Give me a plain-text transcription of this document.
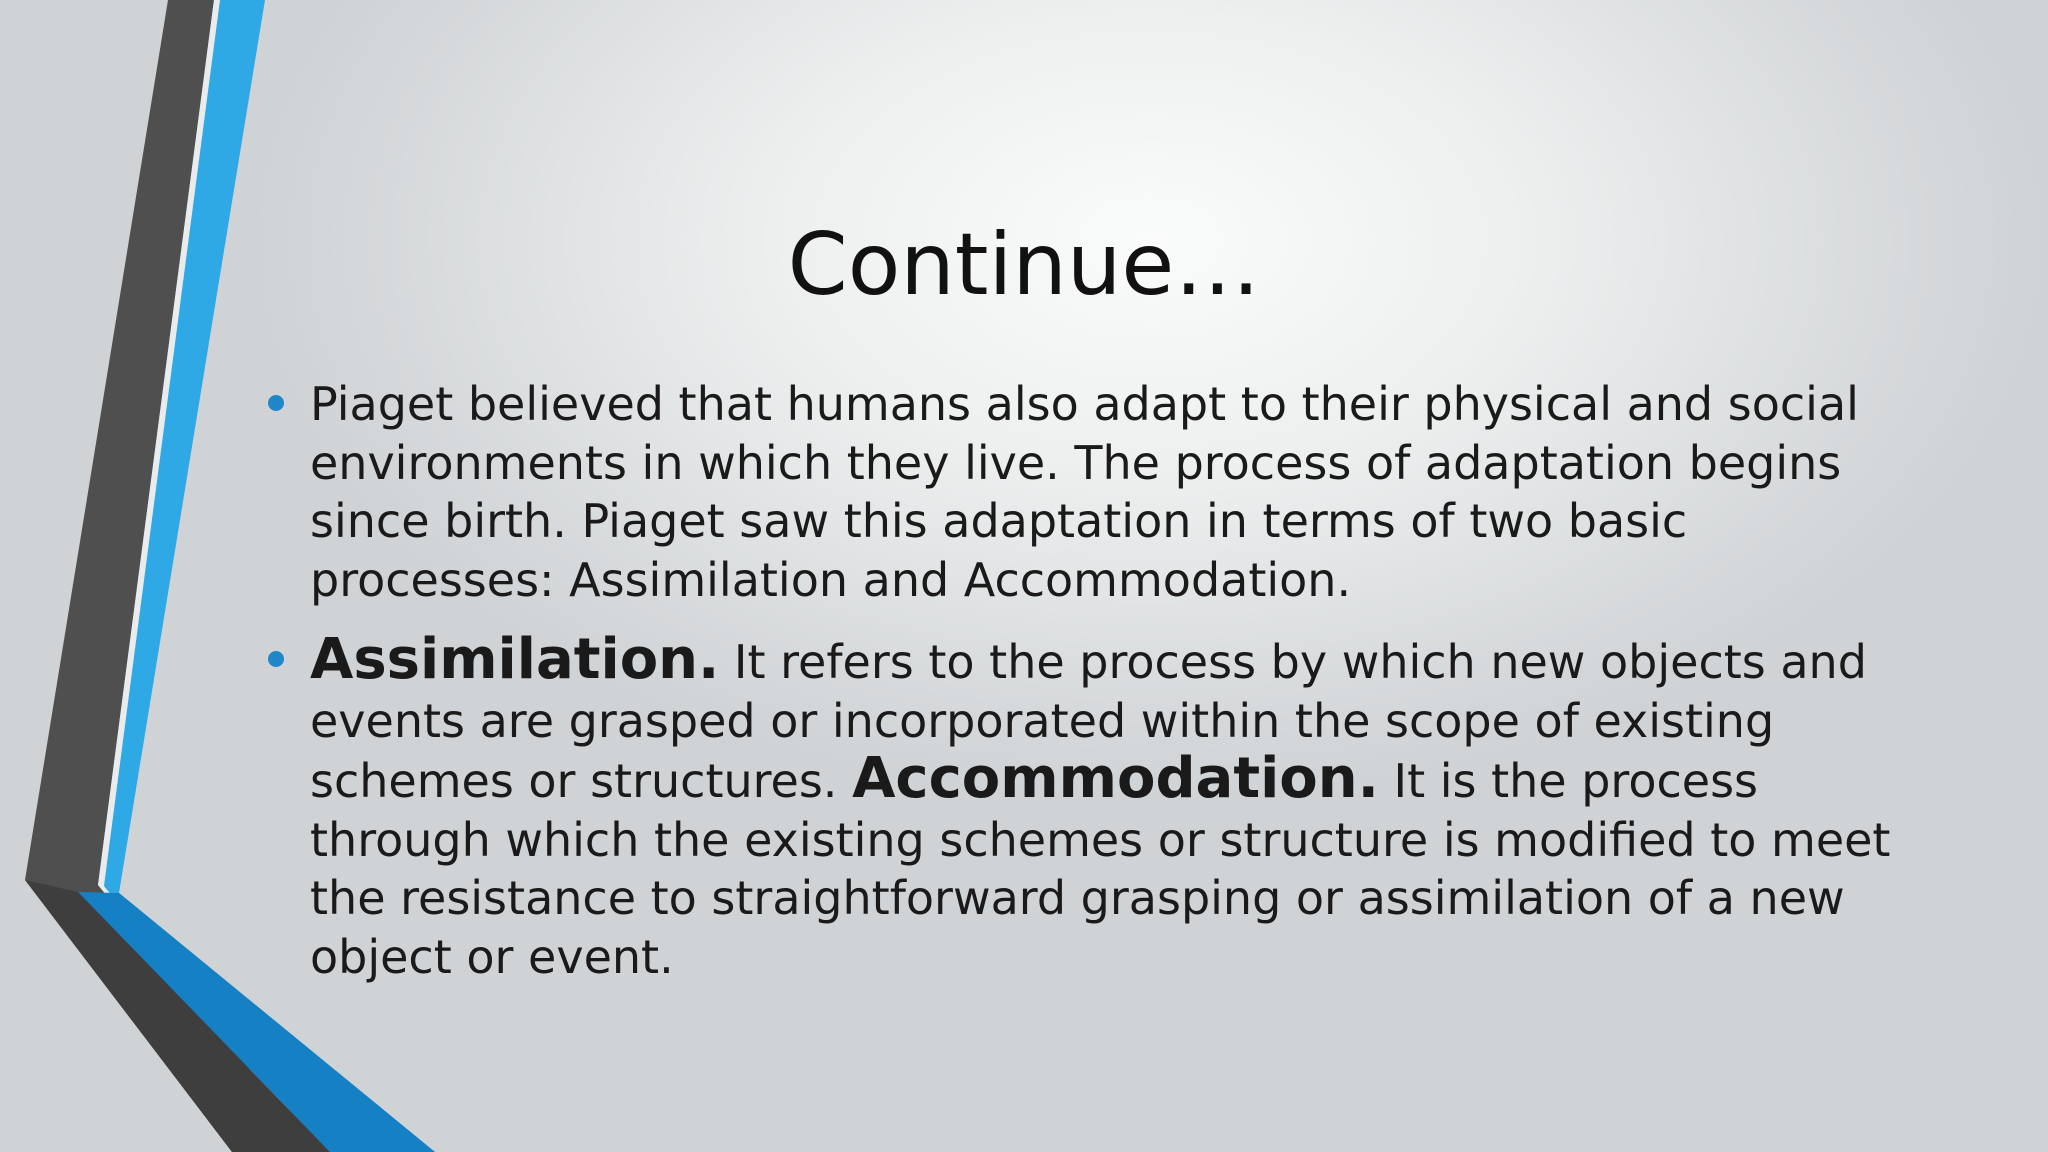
Continue…
Piaget believed that humans also adapt to their physical and social environments in which they live. The process of adaptation begins since birth. Piaget saw this adaptation in terms of two basic processes: Assimilation and Accommodation.
Assimilation. It refers to the process by which new objects and events are grasped or incorporated within the scope of existing schemes or structures. Accommodation. It is the process through which the existing schemes or structure is modified to meet the resistance to straightforward grasping or assimilation of a new object or event.
